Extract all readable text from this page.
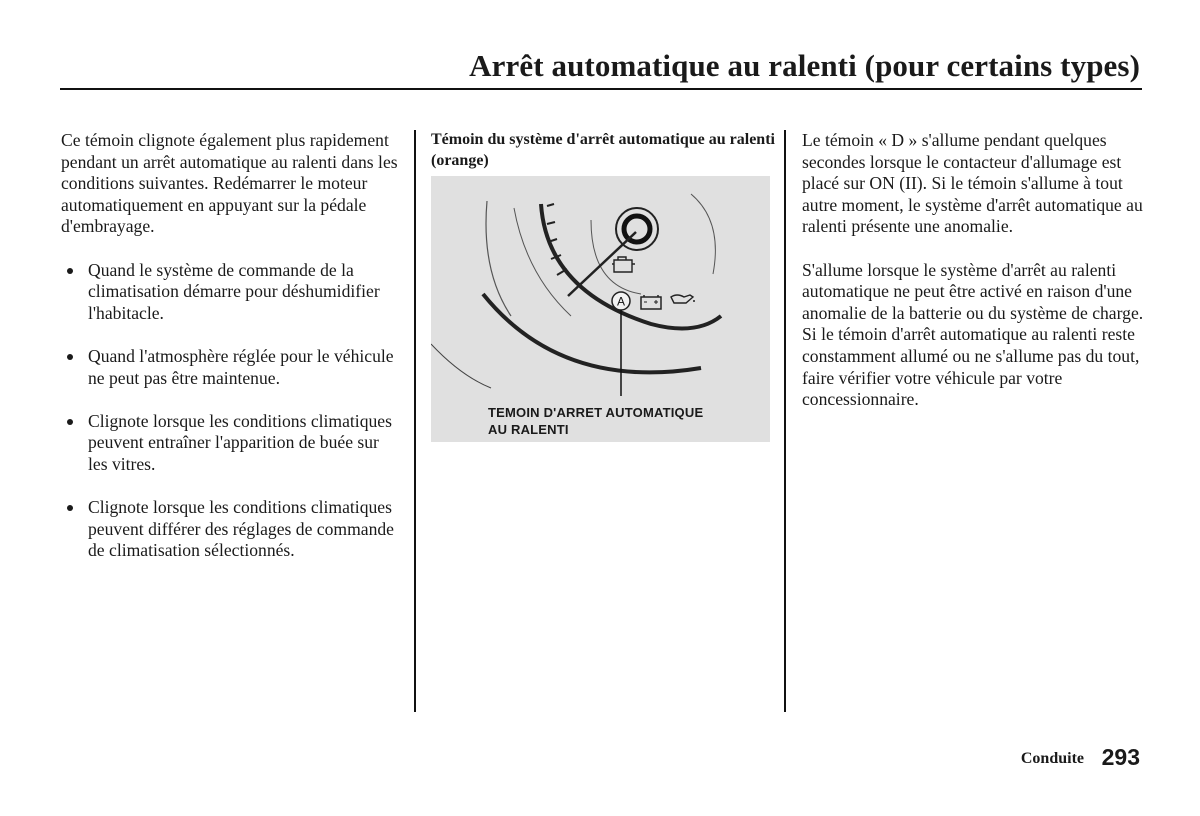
Arrêt automatique au ralenti (pour certains types)

Ce témoin clignote également plus rapidement pendant un arrêt automatique au ralenti dans les conditions suivantes. Redémarrer le moteur automatiquement en appuyant sur la pédale d'embrayage.

Quand le système de commande de la climatisation démarre pour déshumidifier l'habitacle.
Quand l'atmosphère réglée pour le véhicule ne peut pas être maintenue.
Clignote lorsque les conditions climatiques peuvent entraîner l'apparition de buée sur les vitres.
Clignote lorsque les conditions climatiques peuvent différer des réglages de commande de climatisation sélectionnés.
Témoin du système d'arrêt automatique au ralenti (orange)
A
TEMOIN D'ARRET AUTOMATIQUE
AU RALENTI

Le témoin « D » s'allume pendant quelques secondes lorsque le contacteur d'allumage est placé sur ON (II). Si le témoin s'allume à tout autre moment, le système d'arrêt automatique au ralenti présente une anomalie.

S'allume lorsque le système d'arrêt au ralenti automatique ne peut être activé en raison d'une anomalie de la batterie ou du système de charge.

Si le témoin d'arrêt automatique au ralenti reste constamment allumé ou ne s'allume pas du tout, faire vérifier votre véhicule par votre concessionnaire.

Conduite 293
